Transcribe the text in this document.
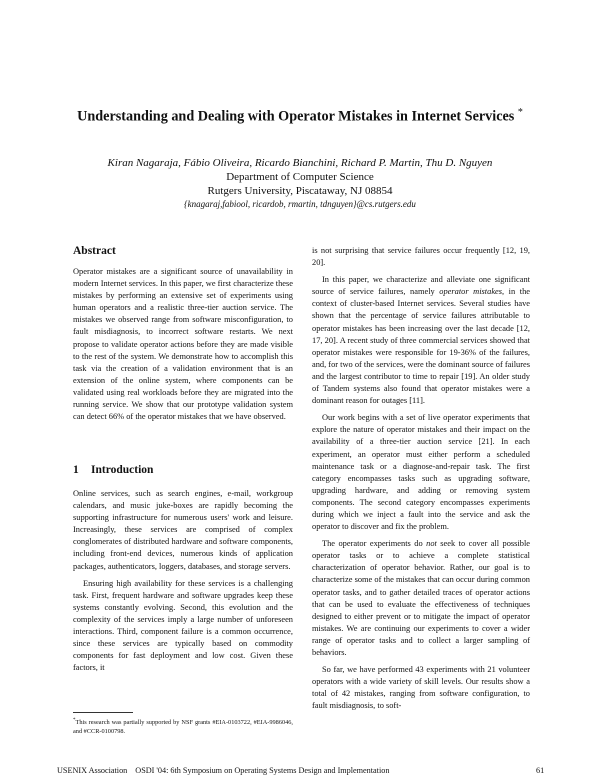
Understanding and Dealing with Operator Mistakes in Internet Services *
Kiran Nagaraja, Fábio Oliveira, Ricardo Bianchini, Richard P. Martin, Thu D. Nguyen
Department of Computer Science
Rutgers University, Piscataway, NJ 08854
{knagaraj,fabiool, ricardob, rmartin, tdnguyen}@cs.rutgers.edu
Abstract

Operator mistakes are a significant source of unavailability in modern Internet services. In this paper, we first characterize these mistakes by performing an extensive set of experiments using human operators and a realistic three-tier auction service. The mistakes we observed range from software misconfiguration, to fault misdiagnosis, to incorrect software restarts. We next propose to validate operator actions before they are made visible to the rest of the system. We demonstrate how to accomplish this task via the creation of a validation environment that is an extension of the online system, where components can be validated using real workloads before they are migrated into the running service. We show that our prototype validation system can detect 66% of the operator mistakes that we have observed.

1 Introduction

Online services, such as search engines, e-mail, workgroup calendars, and music juke-boxes are rapidly becoming the supporting infrastructure for numerous users' work and leisure. Increasingly, these services are comprised of complex conglomerates of distributed hardware and software components, including front-end devices, numerous kinds of application packages, authenticators, loggers, databases, and storage servers.

Ensuring high availability for these services is a challenging task. First, frequent hardware and software upgrades keep these systems constantly evolving. Second, this evolution and the complexity of the services imply a large number of unforeseen interactions. Third, component failure is a common occurrence, since these services are typically based on commodity components for fast deployment and low cost. Given these factors, it

is not surprising that service failures occur frequently [12, 19, 20].

In this paper, we characterize and alleviate one significant source of service failures, namely operator mistakes, in the context of cluster-based Internet services. Several studies have shown that the percentage of service failures attributable to operator mistakes has been increasing over the last decade [12, 17, 20]. A recent study of three commercial services showed that operator mistakes were responsible for 19-36% of the failures, and, for two of the services, were the dominant source of failures and the largest contributor to time to repair [19]. An older study of Tandem systems also found that operator mistakes were a dominant reason for outages [11].

Our work begins with a set of live operator experiments that explore the nature of operator mistakes and their impact on the availability of a three-tier auction service [21]. In each experiment, an operator must either perform a scheduled maintenance task or a diagnose-and-repair task. The first category encompasses tasks such as upgrading software, upgrading hardware, and adding or removing system components. The second category encompasses experiments during which we inject a fault into the service and ask the operator to discover and fix the problem.

The operator experiments do not seek to cover all possible operator tasks or to achieve a complete statistical characterization of operator behavior. Rather, our goal is to characterize some of the mistakes that can occur during common operator tasks, and to gather detailed traces of operator actions that can be used to evaluate the effectiveness of techniques designed to either prevent or to mitigate the impact of operator mistakes. We are continuing our experiments to cover a wider range of operator tasks and to collect a larger sampling of behaviors.

So far, we have performed 43 experiments with 21 volunteer operators with a wide variety of skill levels. Our results show a total of 42 mistakes, ranging from software configuration, to fault misdiagnosis, to soft-

*This research was partially supported by NSF grants #EIA-0103722, #EIA-9986046, and #CCR-0100798.
USENIX Association OSDI '04: 6th Symposium on Operating Systems Design and Implementation	61
